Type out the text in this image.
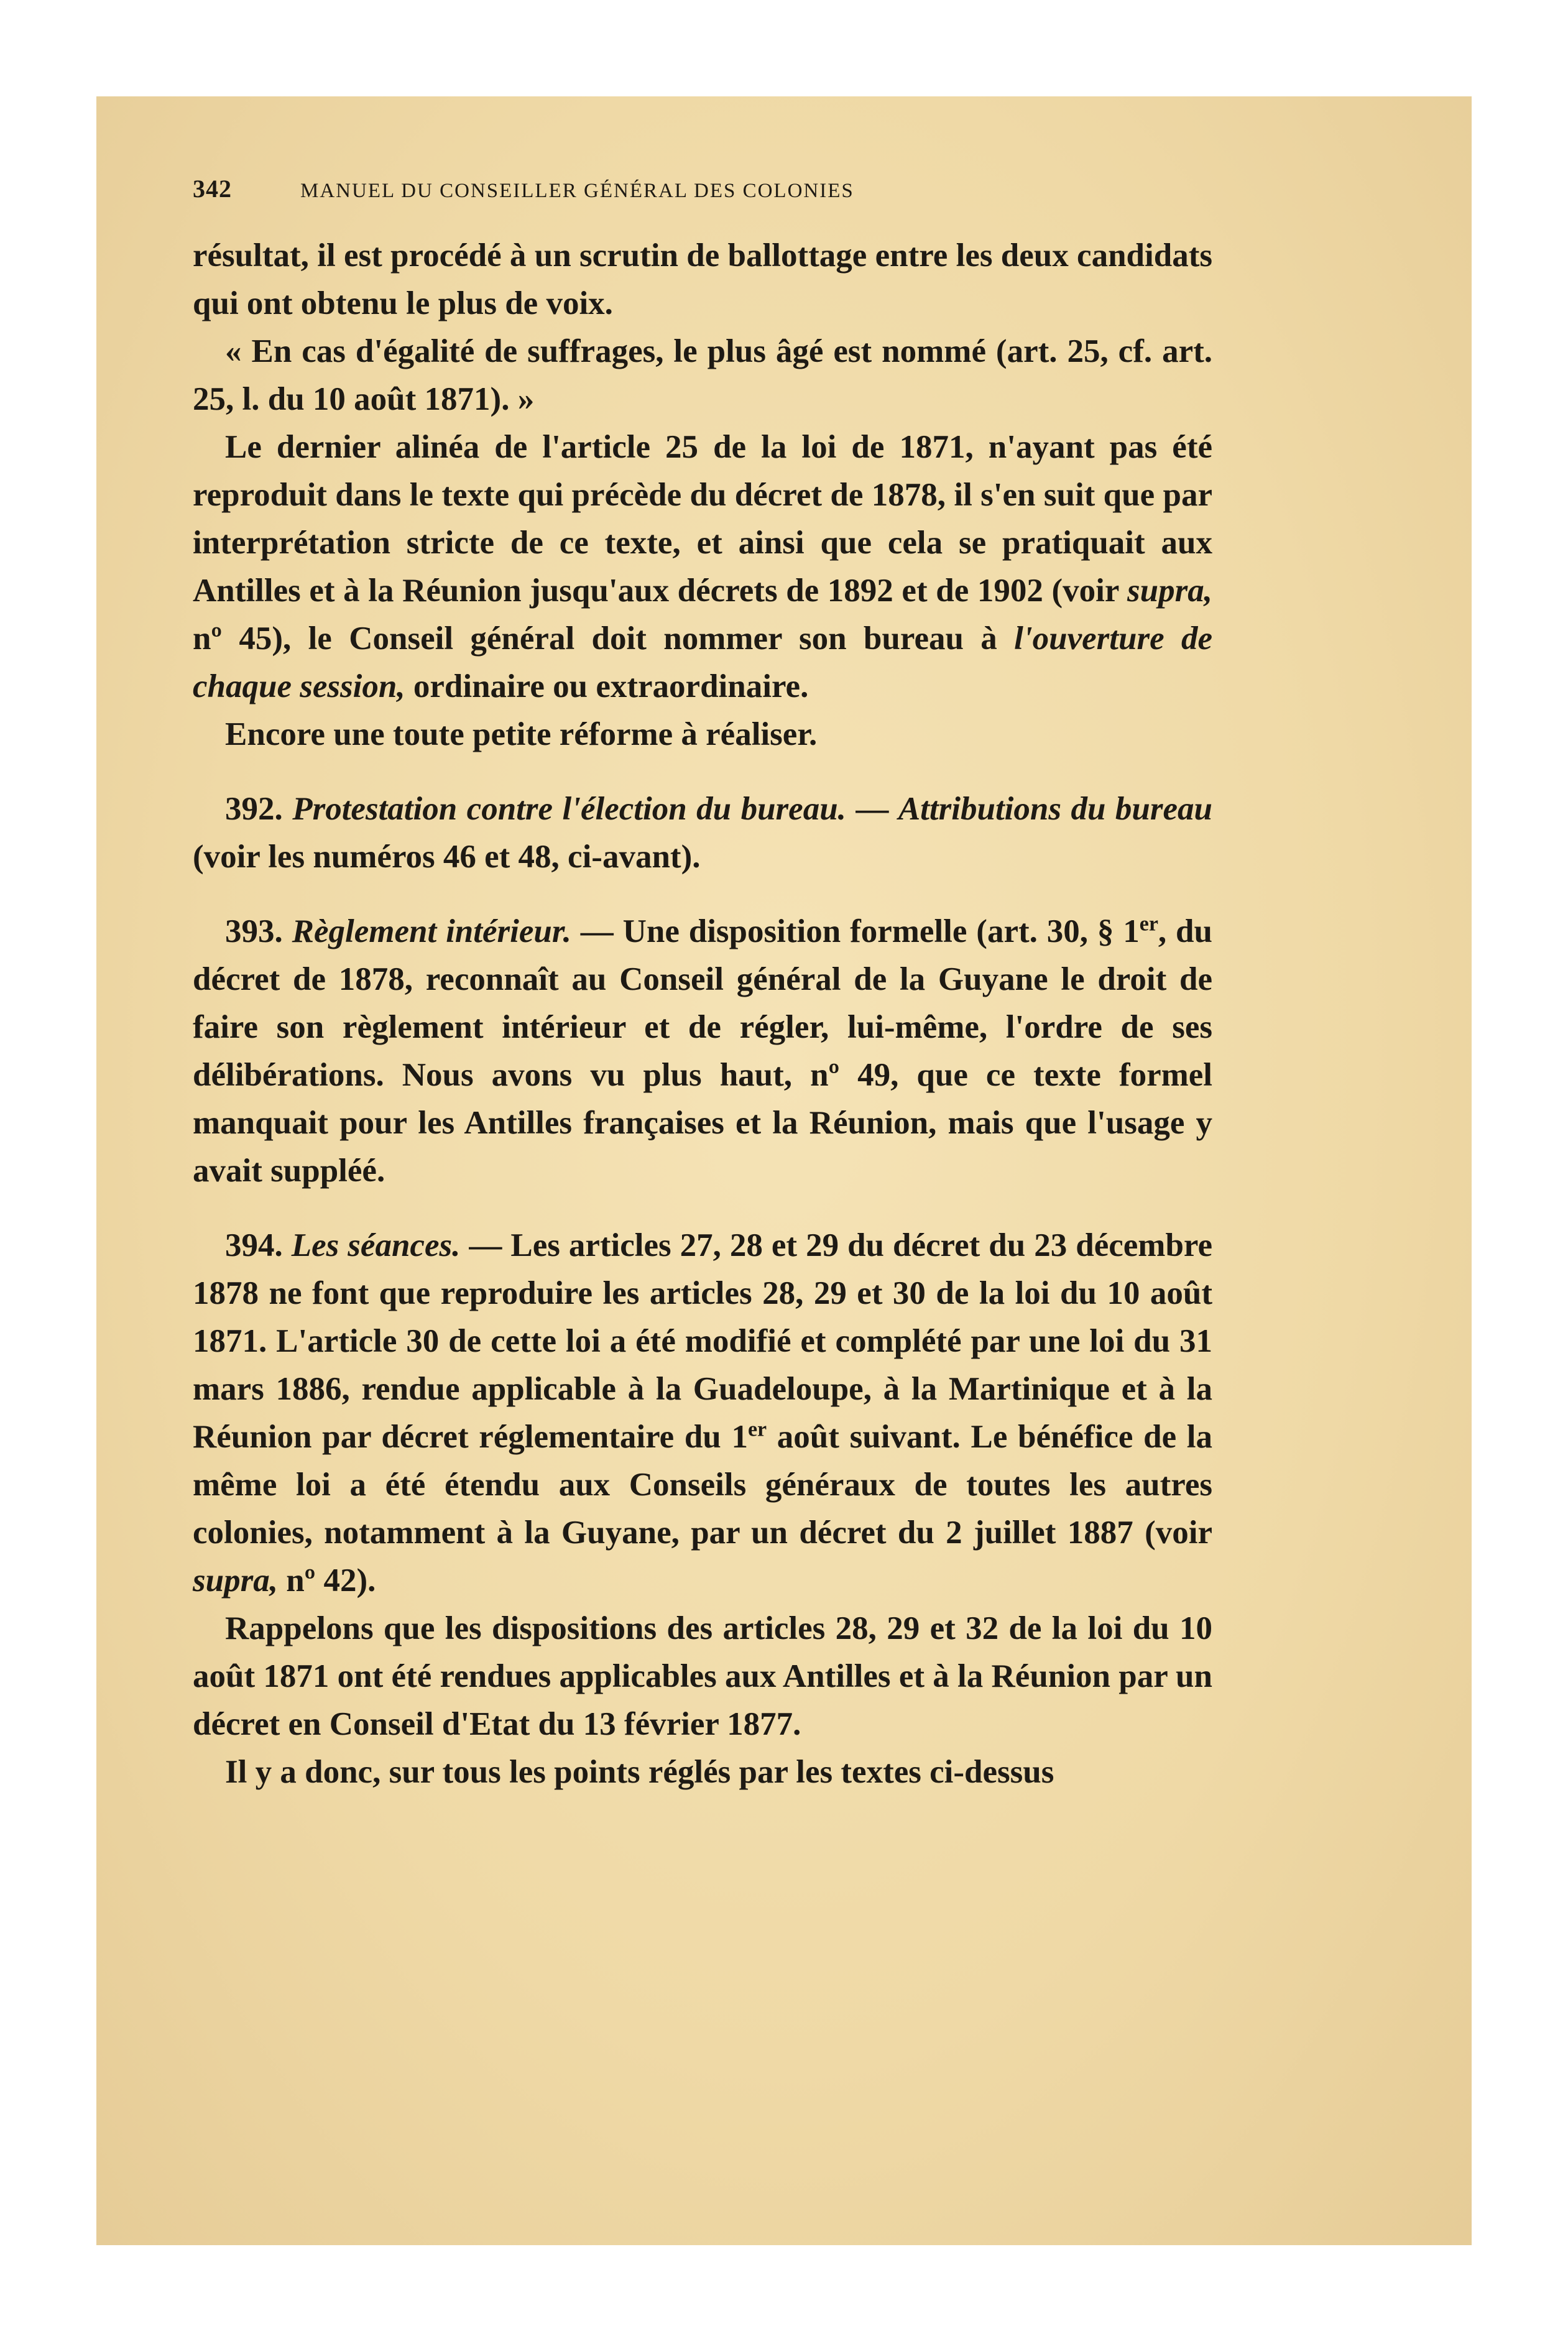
342	MANUEL DU CONSEILLER GÉNÉRAL DES COLONIES

résultat, il est procédé à un scrutin de ballottage entre les deux candidats qui ont obtenu le plus de voix.

« En cas d'égalité de suffrages, le plus âgé est nommé (art. 25, cf. art. 25, l. du 10 août 1871). »

Le dernier alinéa de l'article 25 de la loi de 1871, n'ayant pas été reproduit dans le texte qui précède du décret de 1878, il s'en suit que par interprétation stricte de ce texte, et ainsi que cela se pratiquait aux Antilles et à la Réunion jusqu'aux décrets de 1892 et de 1902 (voir supra, nº 45), le Conseil général doit nommer son bureau à l'ouverture de chaque session, ordinaire ou extraordinaire.

Encore une toute petite réforme à réaliser.

392. Protestation contre l'élection du bureau. — Attributions du bureau (voir les numéros 46 et 48, ci-avant).

393. Règlement intérieur. — Une disposition formelle (art. 30, § 1er, du décret de 1878, reconnaît au Conseil général de la Guyane le droit de faire son règlement intérieur et de régler, lui-même, l'ordre de ses délibérations. Nous avons vu plus haut, nº 49, que ce texte formel manquait pour les Antilles françaises et la Réunion, mais que l'usage y avait suppléé.

394. Les séances. — Les articles 27, 28 et 29 du décret du 23 décembre 1878 ne font que reproduire les articles 28, 29 et 30 de la loi du 10 août 1871. L'article 30 de cette loi a été modifié et complété par une loi du 31 mars 1886, rendue applicable à la Guadeloupe, à la Martinique et à la Réunion par décret réglementaire du 1er août suivant. Le bénéfice de la même loi a été étendu aux Conseils généraux de toutes les autres colonies, notamment à la Guyane, par un décret du 2 juillet 1887 (voir supra, nº 42).

Rappelons que les dispositions des articles 28, 29 et 32 de la loi du 10 août 1871 ont été rendues applicables aux Antilles et à la Réunion par un décret en Conseil d'Etat du 13 février 1877.

Il y a donc, sur tous les points réglés par les textes ci-dessus
